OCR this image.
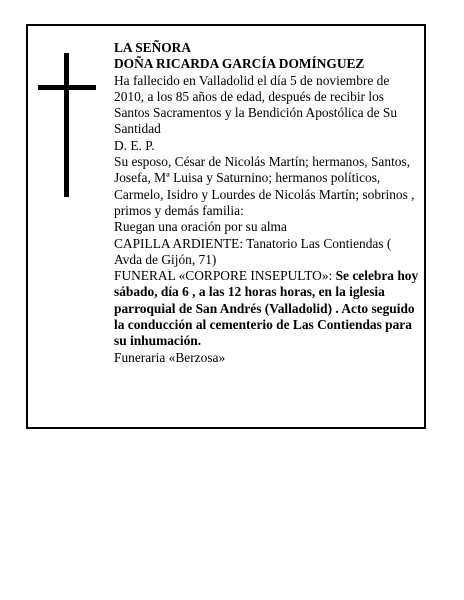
LA SEÑORA

DOÑA RICARDA GARCÍA DOMÍNGUEZ

Ha fallecido en Valladolid el día 5 de noviembre de 2010, a los 85 años de edad, después de recibir los Santos Sacramentos y la Bendición Apostólica de Su Santidad

D. E. P.

Su esposo, César de Nicolás Martín; hermanos, Santos, Josefa, Mª Luisa y Saturnino; hermanos políticos, Carmelo, Isidro y Lourdes de Nicolás Martín; sobrinos , primos y demás familia:

Ruegan una oración por su alma

CAPILLA ARDIENTE: Tanatorio Las Contiendas ( Avda de Gijón, 71)

FUNERAL «CORPORE INSEPULTO»: Se celebra hoy sábado, día 6 , a las 12 horas horas, en la iglesia parroquial de San Andrés (Valladolid) . Acto seguido la conducción al cementerio de Las Contiendas para su inhumación.

Funeraria «Berzosa»
